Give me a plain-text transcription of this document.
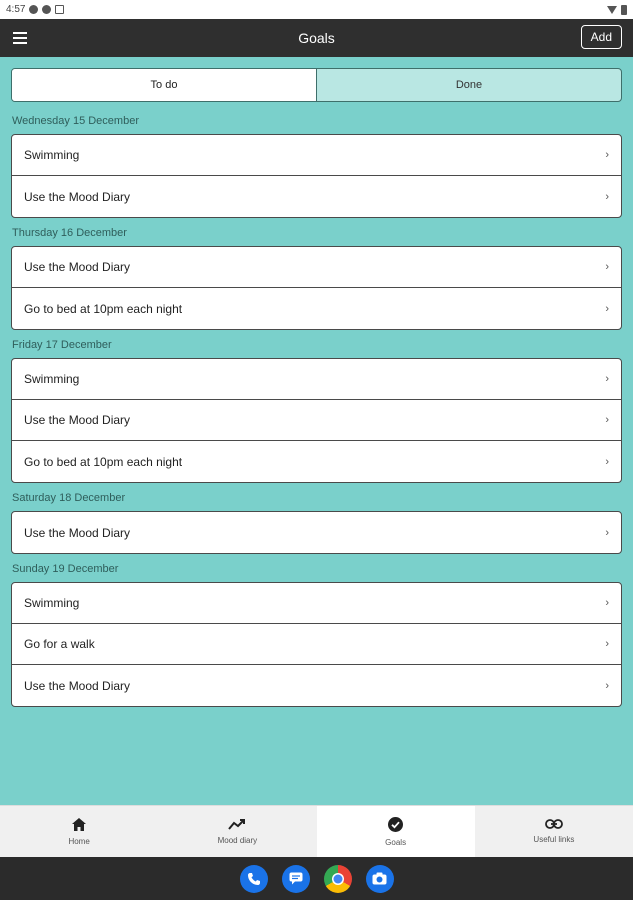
4:57
Goals	Add
To do	Done
Wednesday 15 December
Swimming	›
Use the Mood Diary	›
Thursday 16 December
Use the Mood Diary	›
Go to bed at 10pm each night	›
Friday 17 December
Swimming	›
Use the Mood Diary	›
Go to bed at 10pm each night	›
Saturday 18 December
Use the Mood Diary	›
Sunday 19 December
Swimming	›
Go for a walk	›
Use the Mood Diary	›
Home	Mood diary	Goals	Useful links
